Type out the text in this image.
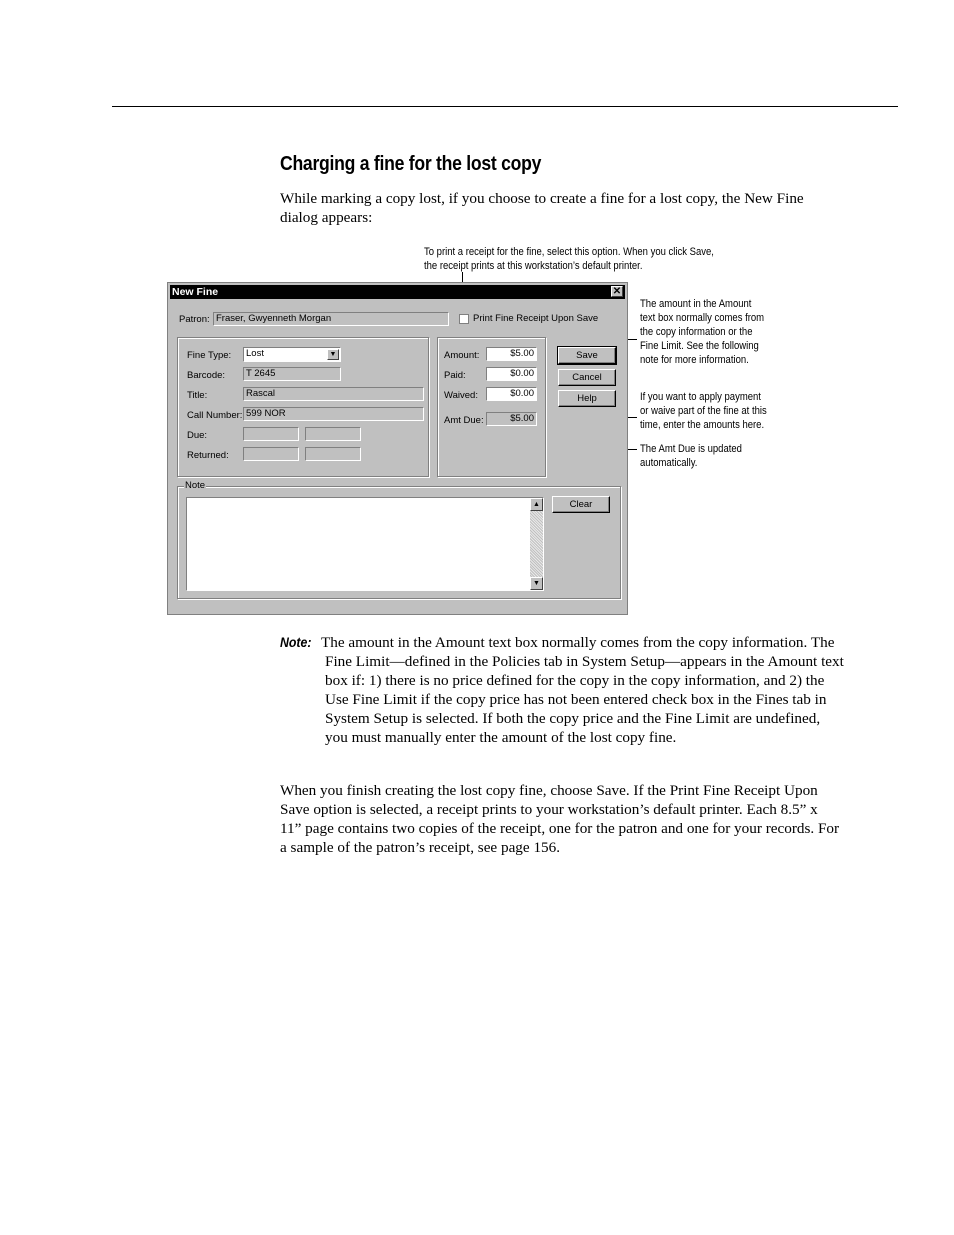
Charging a fine for the lost copy
While marking a copy lost, if you choose to create a fine for a lost copy, the New Fine dialog appears:
To print a receipt for the fine, select this option. When you click Save,
the receipt prints at this workstation’s default printer.
The amount in the Amount
text box normally comes from
the copy information or the
Fine Limit. See the following
note for more information.
If you want to apply payment
or waive part of the fine at this
time, enter the amounts here.
The Amt Due is updated
automatically.
New Fine	✕
Patron: Fraser, Gwyenneth Morgan	Print Fine Receipt Upon Save
Fine Type:	Lost	▼
Barcode:	T 2645
Title:	Rascal
Call Number: 599 NOR
Due:
Returned:
Amount:	$5.00
Paid:	$0.00
Waived:	$0.00
Amt Due:	$5.00
Save
Cancel
Help
Note
▲
▼
Clear
Note: The amount in the Amount text box normally comes from the copy information. The Fine Limit—defined in the Policies tab in System Setup—appears in the Amount text box if: 1) there is no price defined for the copy in the copy information, and 2) the Use Fine Limit if the copy price has not been entered check box in the Fines tab in System Setup is selected. If both the copy price and the Fine Limit are undefined, you must manually enter the amount of the lost copy fine.
When you finish creating the lost copy fine, choose Save. If the Print Fine Receipt Upon Save option is selected, a receipt prints to your workstation’s default printer. Each 8.5” x 11” page contains two copies of the receipt, one for the patron and one for your records. For a sample of the patron’s receipt, see page 156.
